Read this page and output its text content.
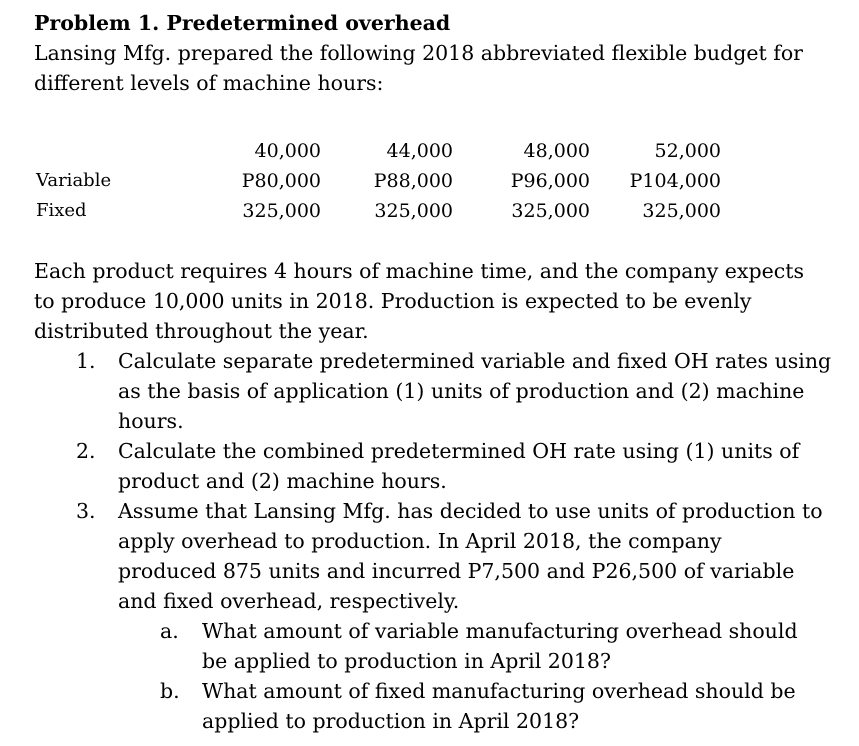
Problem 1. Predetermined overhead
Lansing Mfg. prepared the following 2018 abbreviated flexible budget for
different levels of machine hours:
	40,000	44,000	48,000	52,000
Variable	P80,000	P88,000	P96,000	P104,000
Fixed	325,000	325,000	325,000	325,000
Each product requires 4 hours of machine time, and the company expects
to produce 10,000 units in 2018. Production is expected to be evenly
distributed throughout the year.
1. Calculate separate predetermined variable and fixed OH rates using
as the basis of application (1) units of production and (2) machine
hours.
2. Calculate the combined predetermined OH rate using (1) units of
product and (2) machine hours.
3. Assume that Lansing Mfg. has decided to use units of production to
apply overhead to production. In April 2018, the company
produced 875 units and incurred P7,500 and P26,500 of variable
and fixed overhead, respectively.
a.	What amount of variable manufacturing overhead should
be applied to production in April 2018?
b.	What amount of fixed manufacturing overhead should be
applied to production in April 2018?
